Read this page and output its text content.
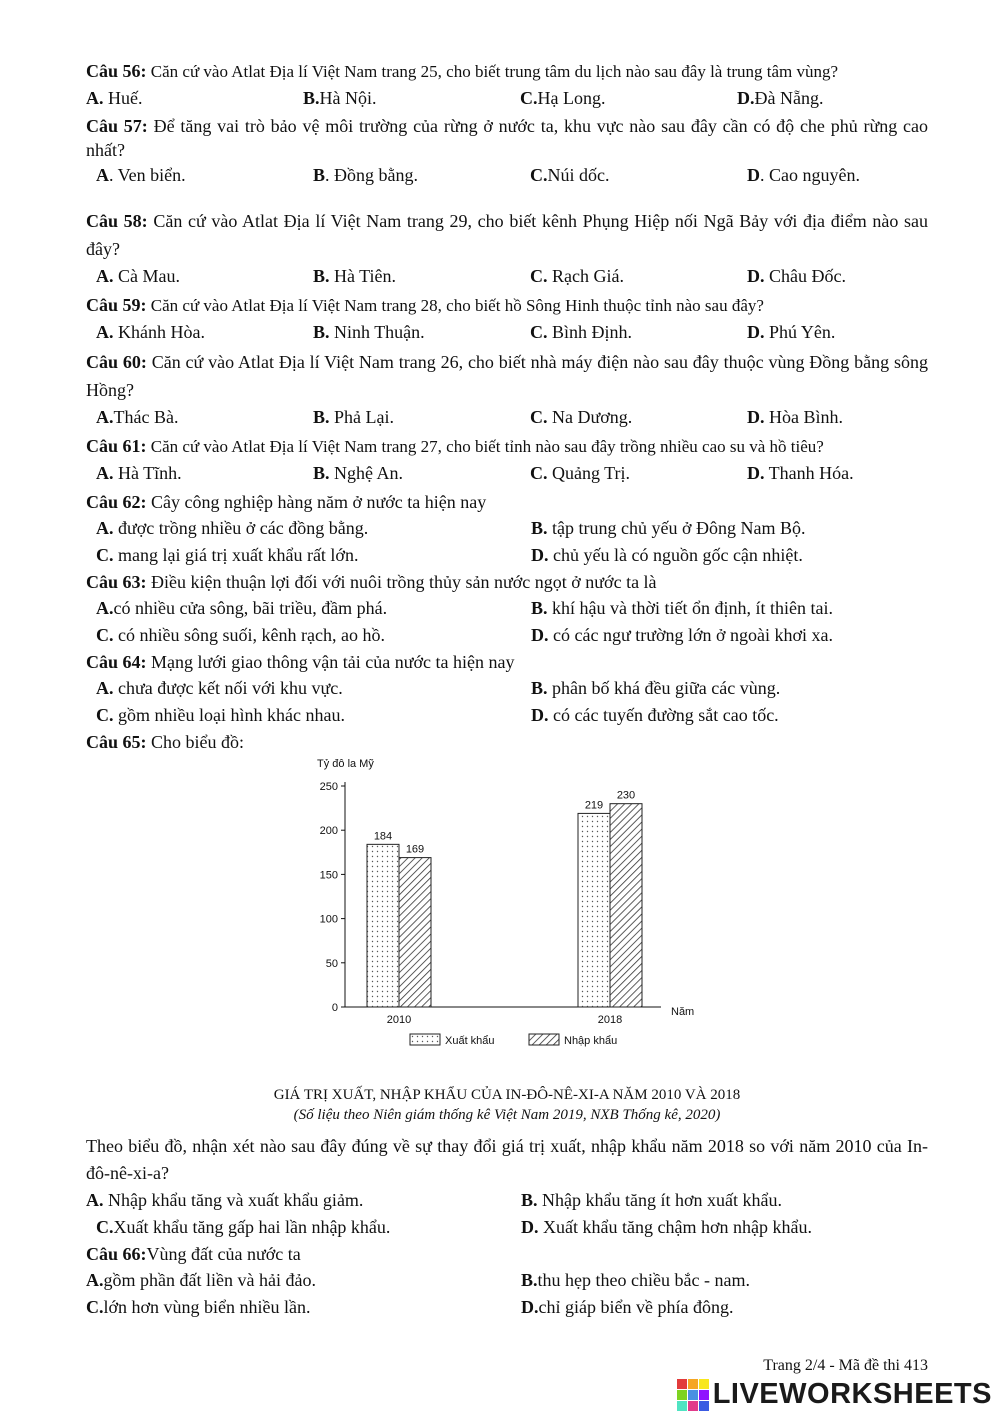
Câu 56: Căn cứ vào Atlat Địa lí Việt Nam trang 25, cho biết trung tâm du lịch nào sau đây là trung tâm vùng?

A. Huế.	B.Hà Nội.	C.Hạ Long.	D.Đà Nẵng.

Câu 57: Để tăng vai trò bảo vệ môi trường của rừng ở nước ta, khu vực nào sau đây cần có độ che phủ rừng cao nhất?

A. Ven biển.	B. Đồng bằng.	C.Núi dốc.	D. Cao nguyên.

Câu 58: Căn cứ vào Atlat Địa lí Việt Nam trang 29, cho biết kênh Phụng Hiệp nối Ngã Bảy với địa điểm nào sau đây?

A. Cà Mau.	B. Hà Tiên.	C. Rạch Giá.	D. Châu Đốc.

Câu 59: Căn cứ vào Atlat Địa lí Việt Nam trang 28, cho biết hồ Sông Hinh thuộc tỉnh nào sau đây?

A. Khánh Hòa.	B. Ninh Thuận.	C. Bình Định.	D. Phú Yên.

Câu 60: Căn cứ vào Atlat Địa lí Việt Nam trang 26, cho biết nhà máy điện nào sau đây thuộc vùng Đồng bằng sông Hồng?

A.Thác Bà.	B. Phả Lại.	C. Na Dương.	D. Hòa Bình.

Câu 61: Căn cứ vào Atlat Địa lí Việt Nam trang 27, cho biết tỉnh nào sau đây trồng nhiều cao su và hồ tiêu?

A. Hà Tĩnh.	B. Nghệ An.	C. Quảng Trị.	D. Thanh Hóa.

Câu 62: Cây công nghiệp hàng năm ở nước ta hiện nay

A. được trồng nhiều ở các đồng bằng.	B. tập trung chủ yếu ở Đông Nam Bộ.
C. mang lại giá trị xuất khẩu rất lớn.	D. chủ yếu là có nguồn gốc cận nhiệt.

Câu 63: Điều kiện thuận lợi đối với nuôi trồng thủy sản nước ngọt ở nước ta là

A.có nhiều cửa sông, bãi triều, đầm phá.	B. khí hậu và thời tiết ổn định, ít thiên tai.
C. có nhiều sông suối, kênh rạch, ao hồ.	D. có các ngư trường lớn ở ngoài khơi xa.

Câu 64: Mạng lưới giao thông vận tải của nước ta hiện nay

A. chưa được kết nối với khu vực.	B. phân bố khá đều giữa các vùng.
C. gồm nhiều loại hình khác nhau.	D. có các tuyến đường sắt cao tốc.

Câu 65: Cho biểu đồ:

Tỷ đô la Mỹ
0
50
100
150
200
250
Năm
184
169
2010
219
230
2018
Xuất khẩu	Nhập khẩu
GIÁ TRỊ XUẤT, NHẬP KHẨU CỦA IN-ĐÔ-NÊ-XI-A NĂM 2010 VÀ 2018
(Số liệu theo Niên giám thống kê Việt Nam 2019, NXB Thống kê, 2020)

Theo biểu đồ, nhận xét nào sau đây đúng về sự thay đổi giá trị xuất, nhập khẩu năm 2018 so với năm 2010 của In-đô-nê-xi-a?

A. Nhập khẩu tăng và xuất khẩu giảm.	B. Nhập khẩu tăng ít hơn xuất khẩu.
C.Xuất khẩu tăng gấp hai lần nhập khẩu.	D. Xuất khẩu tăng chậm hơn nhập khẩu.

Câu 66:Vùng đất của nước ta

A.gồm phần đất liền và hải đảo.	B.thu hẹp theo chiều bắc - nam.
C.lớn hơn vùng biển nhiều lần.	D.chỉ giáp biển về phía đông.
Trang 2/4 - Mã đề thi 413
LIVEWORKSHEETS
